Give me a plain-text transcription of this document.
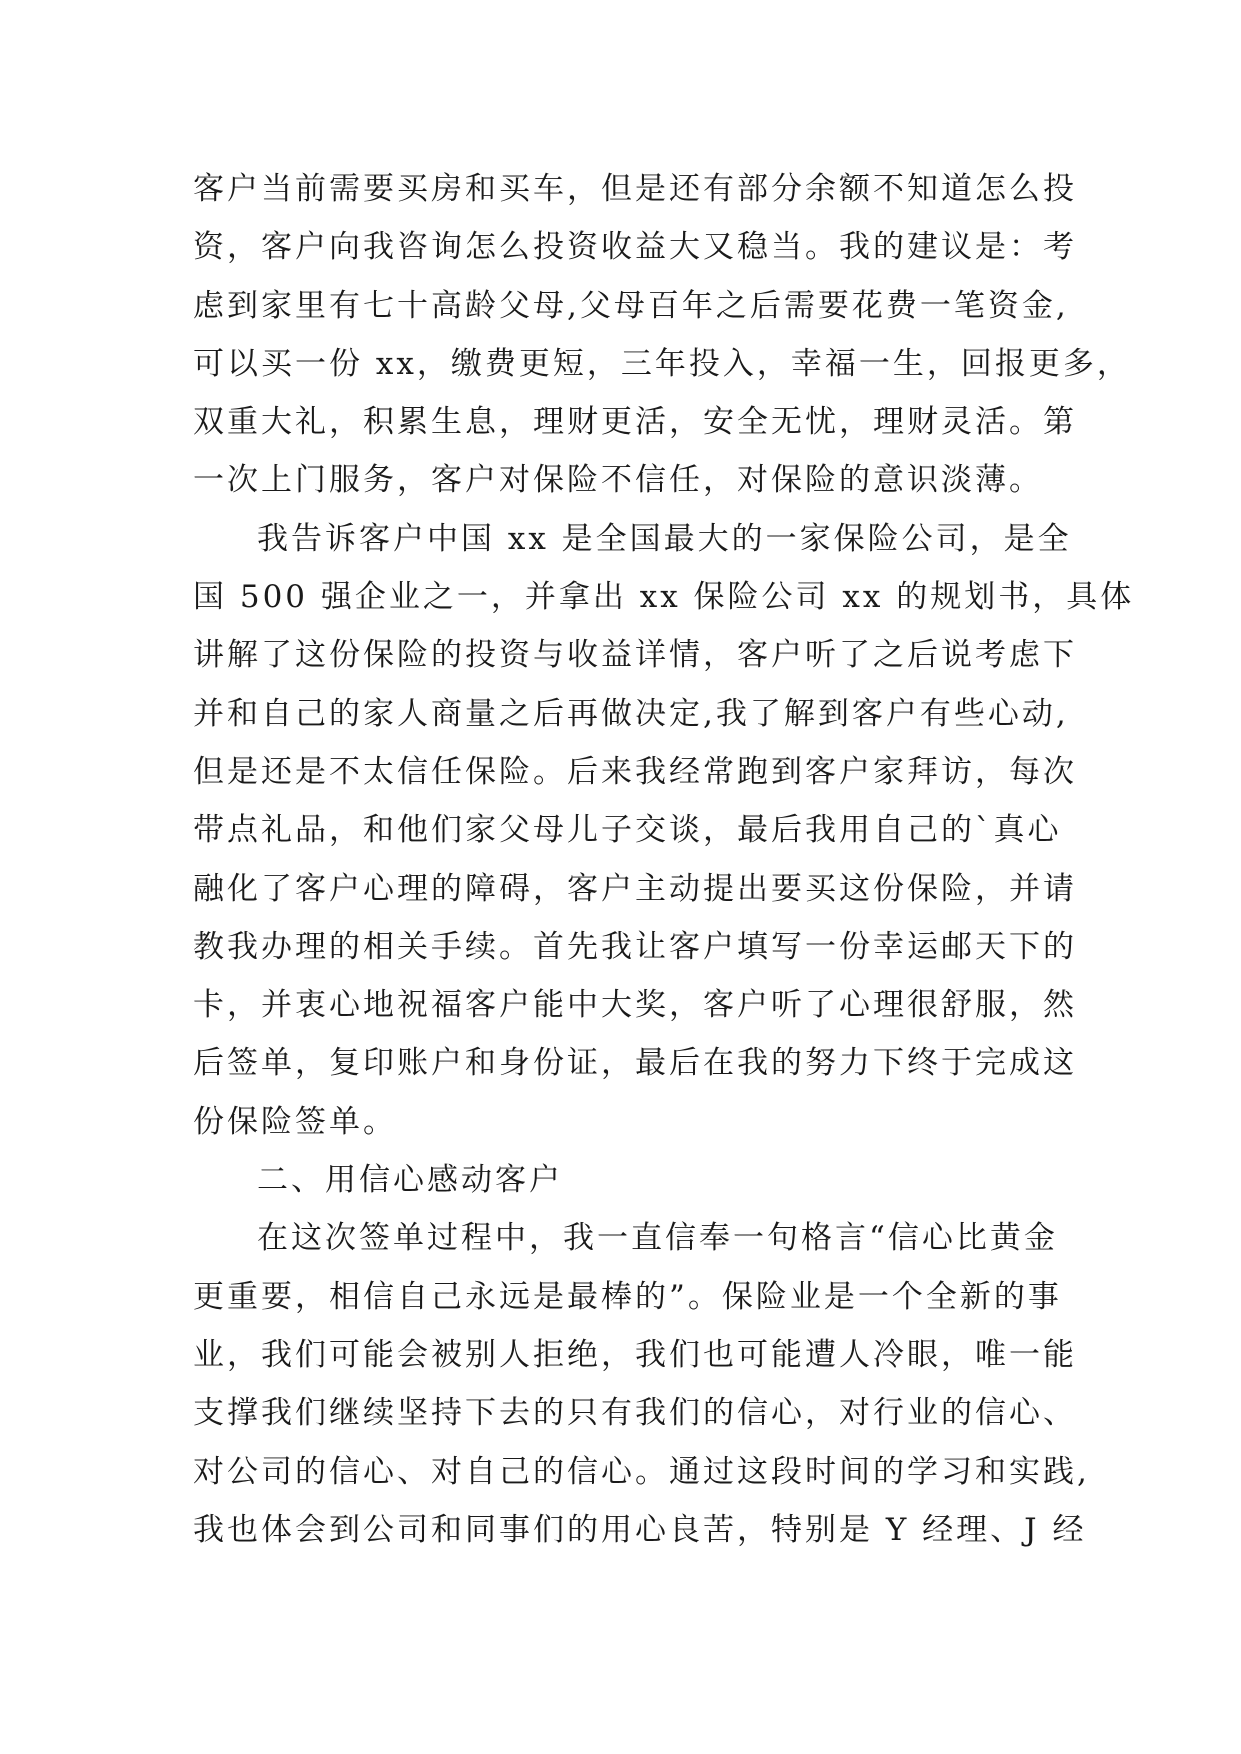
客户当前需要买房和买车，但是还有部分余额不知道怎么投
资，客户向我咨询怎么投资收益大又稳当。我的建议是：考
虑到家里有七十高龄父母,父母百年之后需要花费一笔资金,
可以买一份 xx，缴费更短，三年投入，幸福一生，回报更多，
双重大礼，积累生息，理财更活，安全无忧，理财灵活。第
一次上门服务，客户对保险不信任，对保险的意识淡薄。
我告诉客户中国 xx 是全国最大的一家保险公司，是全
国 500 强企业之一，并拿出 xx 保险公司 xx 的规划书，具体
讲解了这份保险的投资与收益详情，客户听了之后说考虑下
并和自己的家人商量之后再做决定,我了解到客户有些心动,
但是还是不太信任保险。后来我经常跑到客户家拜访，每次
带点礼品，和他们家父母儿子交谈，最后我用自己的`真心
融化了客户心理的障碍，客户主动提出要买这份保险，并请
教我办理的相关手续。首先我让客户填写一份幸运邮天下的
卡，并衷心地祝福客户能中大奖，客户听了心理很舒服，然
后签单，复印账户和身份证，最后在我的努力下终于完成这
份保险签单。
二、用信心感动客户
在这次签单过程中，我一直信奉一句格言“信心比黄金
更重要，相信自己永远是最棒的”。保险业是一个全新的事
业，我们可能会被别人拒绝，我们也可能遭人冷眼，唯一能
支撑我们继续坚持下去的只有我们的信心，对行业的信心、
对公司的信心、对自己的信心。通过这段时间的学习和实践,
我也体会到公司和同事们的用心良苦，特别是 Y 经理、J 经
